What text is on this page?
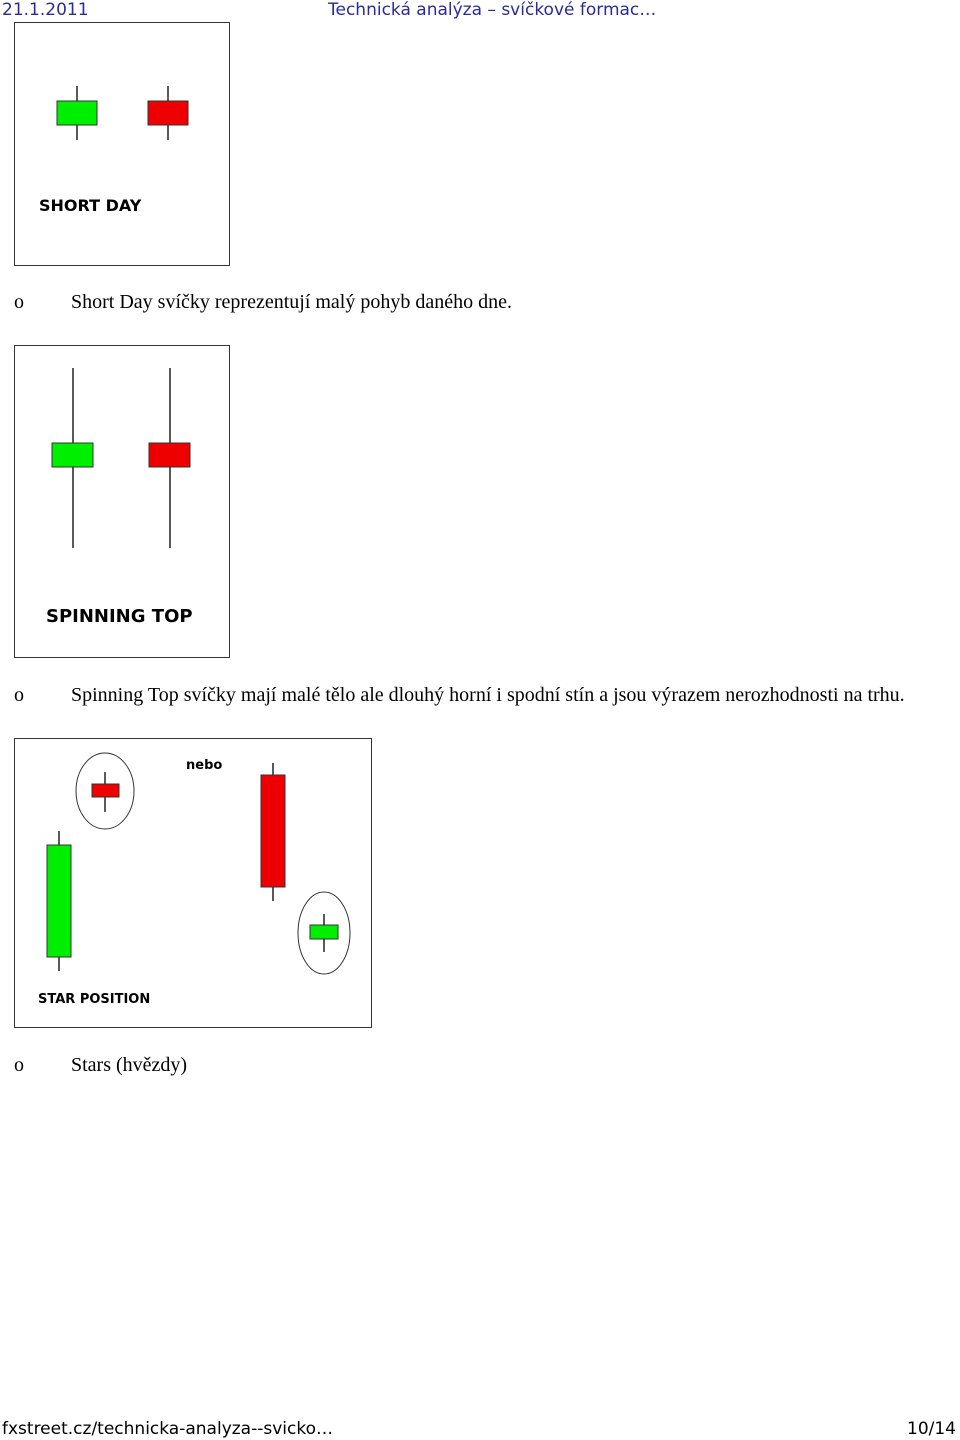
21.1.2011	Technická analýza – svíčkové formac…
SHORT DAY
o Short Day svíčky reprezentují malý pohyb daného dne.
SPINNING TOP
o Spinning Top svíčky mají malé tělo ale dlouhý horní i spodní stín a jsou výrazem nerozhodnosti na trhu.
nebo
STAR POSITION
o Stars (hvězdy)
fxstreet.cz/technicka-analyza--svicko…	10/14
